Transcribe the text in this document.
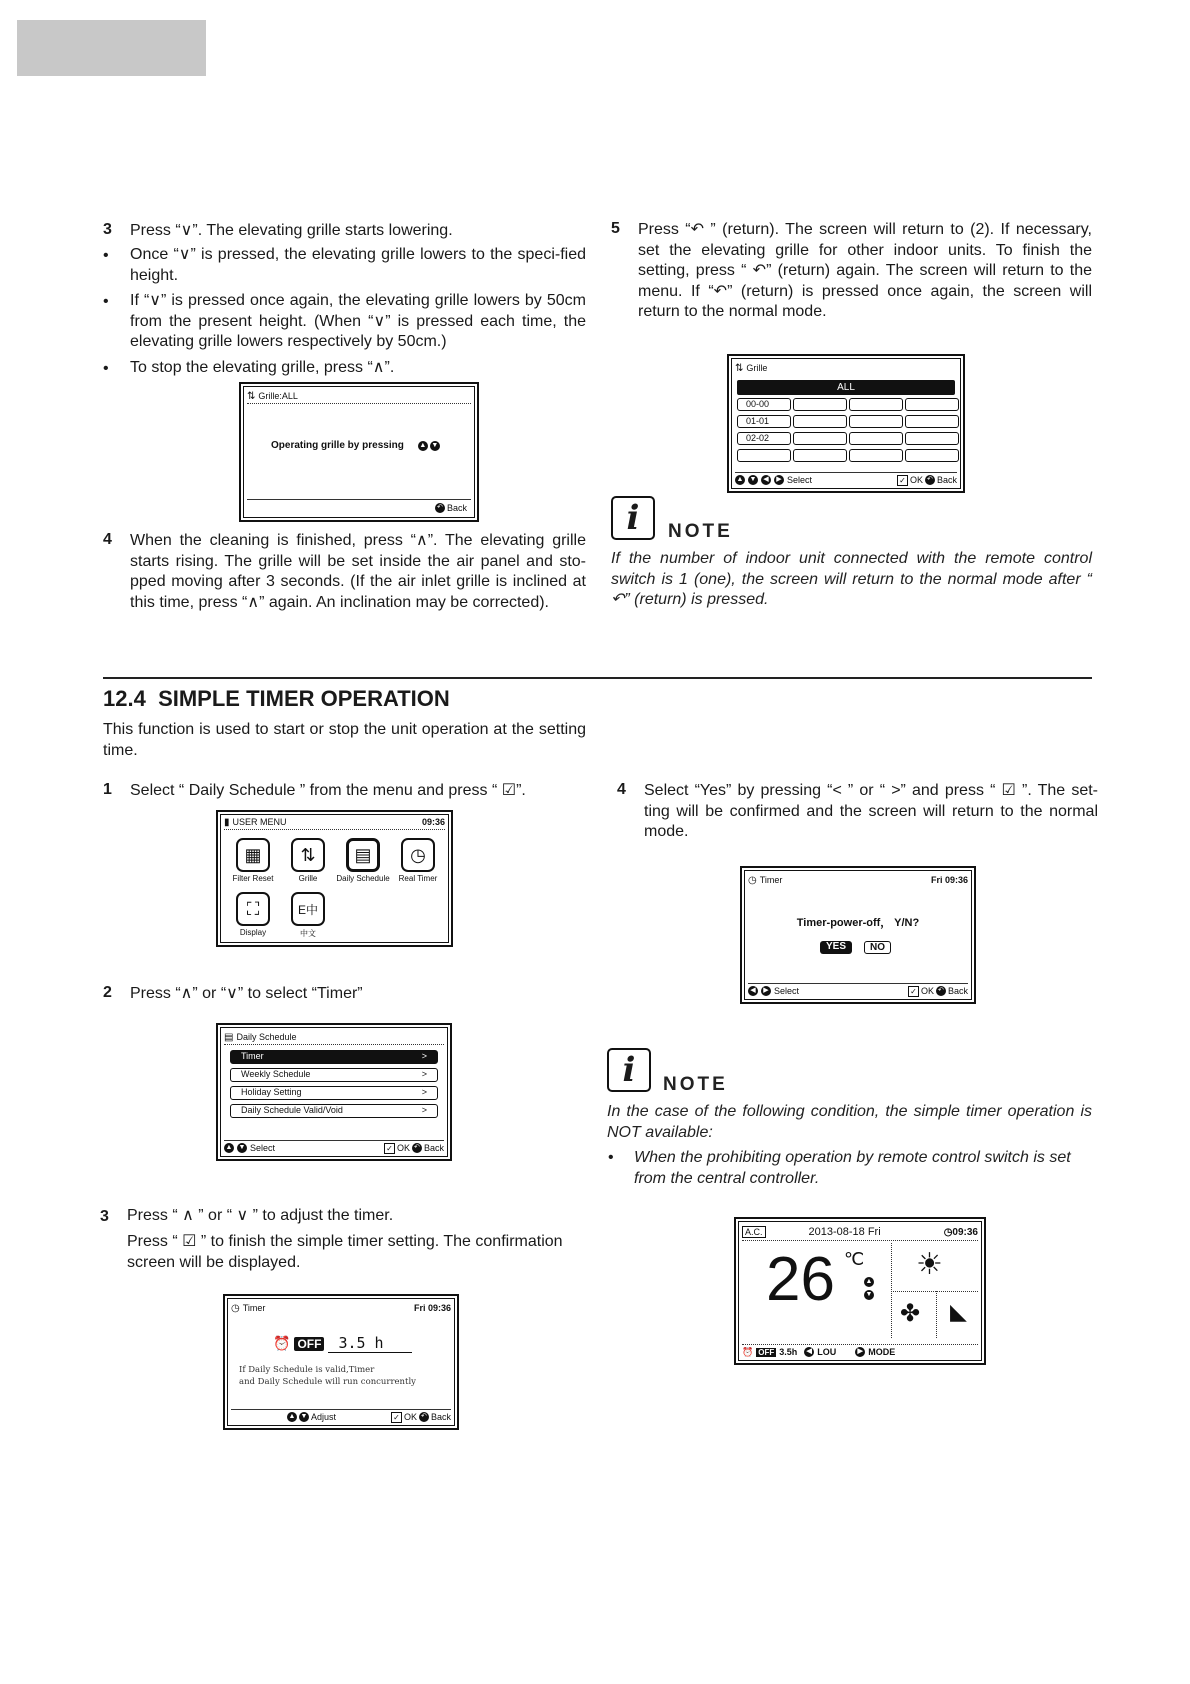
3 Press “∨”. The elevating grille starts lowering.
• Once “∨” is pressed, the elevating grille lowers to the speci-fied height.
• If “∨” is pressed once again, the elevating grille lowers by 50cm from the present height. (When “∨” is pressed each time, the elevating grille lowers respectively by 50cm.)
• To stop the elevating grille, press “∧”.
⇅ Grille:ALL
Operating grille by pressing ▲ ▼
↶ Back
4 When the cleaning is finished, press “∧”. The elevating grille starts rising. The grille will be set inside the air panel and sto-pped moving after 3 seconds. (If the air inlet grille is inclined at this time, press “∧” again. An inclination may be corrected).
5 Press “↶ ” (return). The screen will return to (2). If necessary, set the elevating grille for other indoor units. To finish the setting, press “ ↶” (return) again. The screen will return to the menu. If “↶” (return) is pressed once again, the screen will return to the normal mode.
⇅ Grille
ALL
00-00
01-01
02-02
▲ ▼ ◀	▶ Select	✓ OK ↶ Back
i NOTE
If the number of indoor unit connected with the remote control switch is 1 (one), the screen will return to the normal mode after “ ↶” (return) is pressed.
12.4 SIMPLE TIMER OPERATION
This function is used to start or stop the unit operation at the setting time.
1 Select “ Daily Schedule ” from the menu and press “ ☑”.
▮ USER MENU	09:36
▦	⇅	▤	◷
Filter Reset	Grille	Daily Schedule	Real Timer
⛶	E中
Display	中文
2 Press “∧” or “∨” to select “Timer”
▤ Daily Schedule
Timer	>
Weekly Schedule	>
Holiday Setting	>
Daily Schedule Valid/Void	>
▲ ▼ Select	✓ OK ↶ Back
3 Press “ ∧ ” or “ ∨ ” to adjust the timer.
Press “ ☑ ” to finish the simple timer setting. The confirmation screen will be displayed.
◷ Timer	Fri 09:36
⏰ OFF	3.5 h
If Daily Schedule is valid,Timer
and Daily Schedule will run concurrently
▲ ▼ Adjust	✓ OK ↶ Back
4 Select “Yes” by pressing “< ” or “ >” and press “ ☑ ”. The set-ting will be confirmed and the screen will return to the normal mode.
◷ Timer	Fri 09:36
Timer-power-off， Y/N?
YES	NO
◀	▶ Select	✓ OK ↶ Back
i NOTE
In the case of the following condition, the simple timer operation is NOT available:
• When the prohibiting operation by remote control switch is set from the central controller.
A.C.	2013-08-18 Fri	◷09:36
26 ℃
▲
▼
☀
✤ ◣
⏰ OFF 3.5h	◀ LOU	▶ MODE
